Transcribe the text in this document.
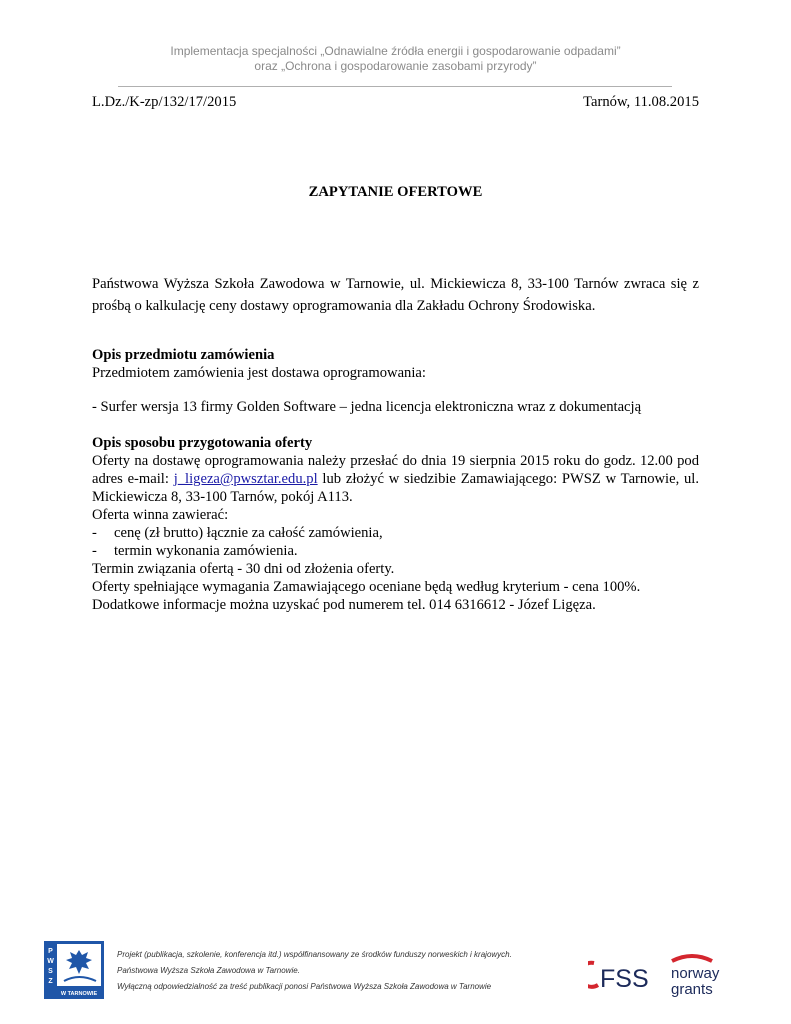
Implementacja specjalności „Odnawialne źródła energii i gospodarowanie odpadami”
oraz „Ochrona i gospodarowanie zasobami przyrody”
L.Dz./K-zp/132/17/2015	Tarnów, 11.08.2015
ZAPYTANIE OFERTOWE
Państwowa Wyższa Szkoła Zawodowa w Tarnowie, ul. Mickiewicza 8, 33-100 Tarnów zwraca się z prośbą o kalkulację ceny dostawy oprogramowania dla Zakładu Ochrony Środowiska.
Opis przedmiotu zamówienia
Przedmiotem zamówienia jest dostawa oprogramowania:
- Surfer wersja 13 firmy Golden Software – jedna licencja elektroniczna wraz z dokumentacją
Opis sposobu przygotowania oferty
Oferty na dostawę oprogramowania należy przesłać do dnia 19 sierpnia 2015 roku do godz. 12.00 pod adres e-mail: j_ligeza@pwsztar.edu.pl lub złożyć w siedzibie Zamawiającego: PWSZ w Tarnowie, ul. Mickiewicza 8, 33-100 Tarnów, pokój A113.
Oferta winna zawierać:
-	cenę (zł brutto) łącznie za całość zamówienia,
-	termin wykonania zamówienia.
Termin związania ofertą - 30 dni od złożenia oferty.
Oferty spełniające wymagania Zamawiającego oceniane będą według kryterium - cena 100%.
Dodatkowe informacje można uzyskać pod numerem tel. 014 6316612 - Józef Ligęza.
P
W
S
Z
W TARNOWIE
Projekt (publikacja, szkolenie, konferencja itd.) współfinansowany ze środków funduszy norweskich i krajowych.
Państwowa Wyższa Szkoła Zawodowa w Tarnowie.
Wyłączną odpowiedzialność za treść publikacji ponosi Państwowa Wyższa Szkoła Zawodowa w Tarnowie	FSS norway
grants
